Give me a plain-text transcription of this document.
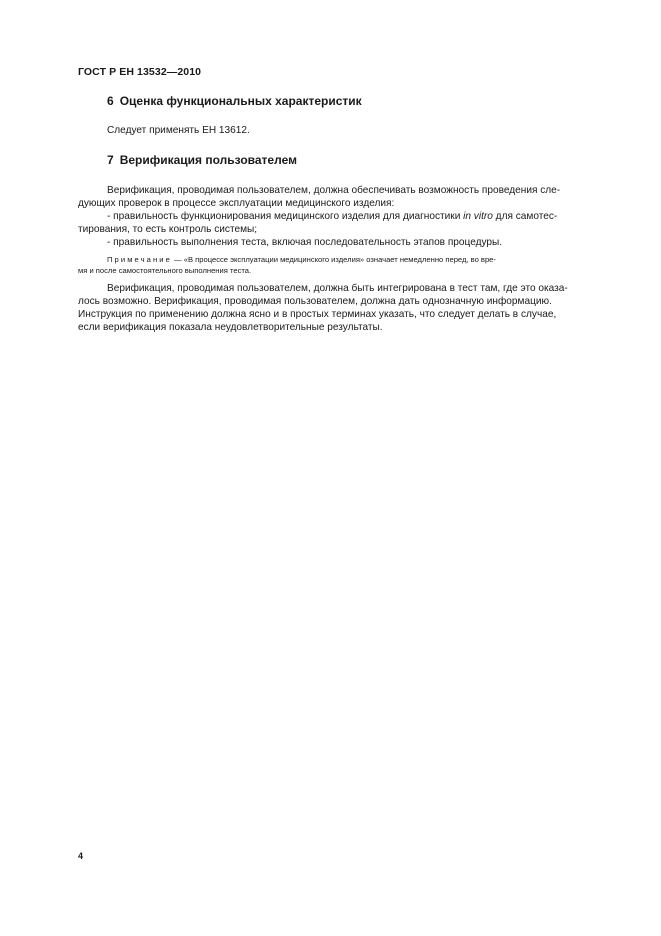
ГОСТ Р ЕН 13532—2010
6 Оценка функциональных характеристик
Следует применять ЕН 13612.
7 Верификация пользователем
Верификация, проводимая пользователем, должна обеспечивать возможность проведения сле-
дующих проверок в процессе эксплуатации медицинского изделия:
- правильность функционирования медицинского изделия для диагностики in vitro для самотес-
тирования, то есть контроль системы;
- правильность выполнения теста, включая последовательность этапов процедуры.
Примечание — «В процессе эксплуатации медицинского изделия» означает немедленно перед, во вре-
мя и после самостоятельного выполнения теста.
Верификация, проводимая пользователем, должна быть интегрирована в тест там, где это оказа-
лось возможно. Верификация, проводимая пользователем, должна дать однозначную информацию.
Инструкция по применению должна ясно и в простых терминах указать, что следует делать в случае,
если верификация показала неудовлетворительные результаты.
4
